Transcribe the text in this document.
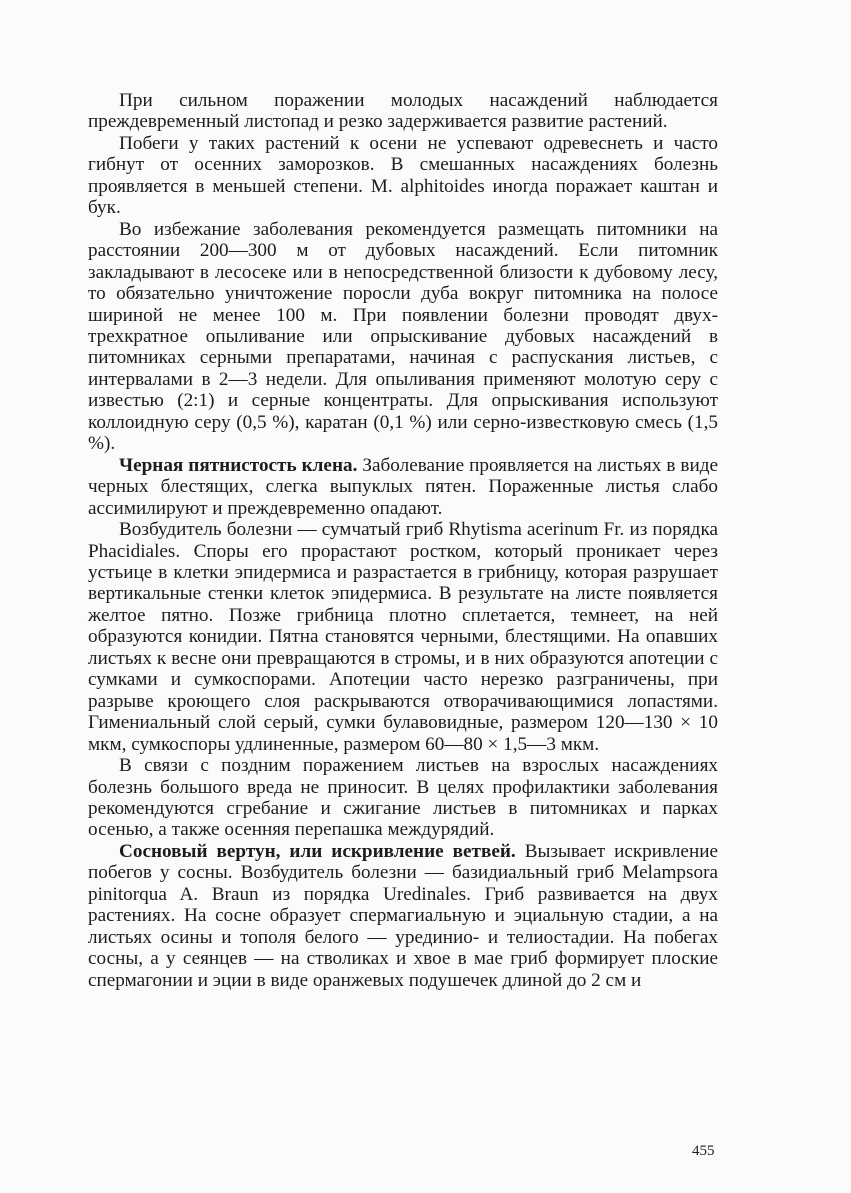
При сильном поражении молодых насаждений наблюдается преждевременный листопад и резко задерживается развитие растений.

Побеги у таких растений к осени не успевают одревеснеть и часто гибнут от осенних заморозков. В смешанных насаждениях болезнь проявляется в меньшей степени. M. alphitoides иногда поражает каштан и бук.

Во избежание заболевания рекомендуется размещать питомники на расстоянии 200—300 м от дубовых насаждений. Если питомник закладывают в лесосеке или в непосредственной близости к дубовому лесу, то обязательно уничтожение поросли дуба вокруг питомника на полосе шириной не менее 100 м. При появлении болезни проводят двух-трехкратное опыливание или опрыскивание дубовых насаждений в питомниках серными препаратами, начиная с распускания листьев, с интервалами в 2—3 недели. Для опыливания применяют молотую серу с известью (2:1) и серные концентраты. Для опрыскивания используют коллоидную серу (0,5 %), каратан (0,1 %) или серно-известковую смесь (1,5 %).

Черная пятнистость клена. Заболевание проявляется на листьях в виде черных блестящих, слегка выпуклых пятен. Пораженные листья слабо ассимилируют и преждевременно опадают.

Возбудитель болезни — сумчатый гриб Rhytisma acerinum Fr. из порядка Phacidiales. Споры его прорастают ростком, который проникает через устьице в клетки эпидермиса и разрастается в грибницу, которая разрушает вертикальные стенки клеток эпидермиса. В результате на листе появляется желтое пятно. Позже грибница плотно сплетается, темнеет, на ней образуются конидии. Пятна становятся черными, блестящими. На опавших листьях к весне они превращаются в стромы, и в них образуются апотеции с сумками и сумкоспорами. Апотеции часто нерезко разграничены, при разрыве кроющего слоя раскрываются отворачивающимися лопастями. Гимениальный слой серый, сумки булавовидные, размером 120—130 × 10 мкм, сумкоспоры удлиненные, размером 60—80 × 1,5—3 мкм.

В связи с поздним поражением листьев на взрослых насаждениях болезнь большого вреда не приносит. В целях профилактики заболевания рекомендуются сгребание и сжигание листьев в питомниках и парках осенью, а также осенняя перепашка междурядий.

Сосновый вертун, или искривление ветвей. Вызывает искривление побегов у сосны. Возбудитель болезни — базидиальный гриб Melampsora pinitorqua A. Braun из порядка Uredinales. Гриб развивается на двух растениях. На сосне образует спермагиальную и эциальную стадии, а на листьях осины и тополя белого — урединио- и телиостадии. На побегах сосны, а у сеянцев — на стволиках и хвое в мае гриб формирует плоские спермагонии и эции в виде оранжевых подушечек длиной до 2 см и

455
